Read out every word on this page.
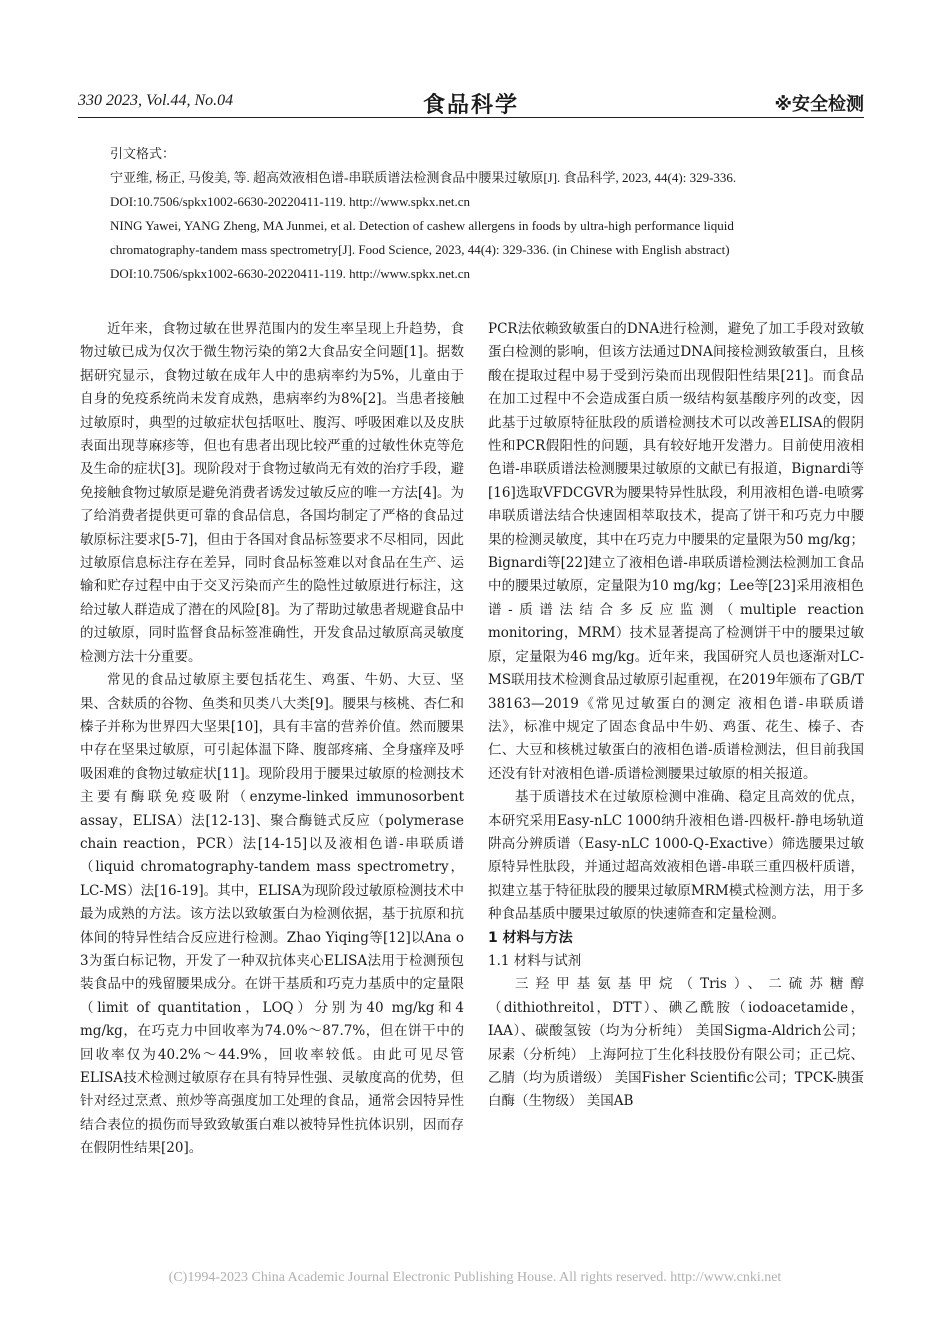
330 2023, Vol.44, No.04	食品科学	※安全检测
引文格式：
宁亚维, 杨正, 马俊美, 等. 超高效液相色谱-串联质谱法检测食品中腰果过敏原[J]. 食品科学, 2023, 44(4): 329-336.
DOI:10.7506/spkx1002-6630-20220411-119. http://www.spkx.net.cn
NING Yawei, YANG Zheng, MA Junmei, et al. Detection of cashew allergens in foods by ultra-high performance liquid
chromatography-tandem mass spectrometry[J]. Food Science, 2023, 44(4): 329-336. (in Chinese with English abstract)
DOI:10.7506/spkx1002-6630-20220411-119. http://www.spkx.net.cn

近年来，食物过敏在世界范围内的发生率呈现上升趋势，食物过敏已成为仅次于微生物污染的第2大食品安全问题[1]。据数据研究显示，食物过敏在成年人中的患病率约为5%，儿童由于自身的免疫系统尚未发育成熟，患病率约为8%[2]。当患者接触过敏原时，典型的过敏症状包括呕吐、腹泻、呼吸困难以及皮肤表面出现荨麻疹等，但也有患者出现比较严重的过敏性休克等危及生命的症状[3]。现阶段对于食物过敏尚无有效的治疗手段，避免接触食物过敏原是避免消费者诱发过敏反应的唯一方法[4]。为了给消费者提供更可靠的食品信息，各国均制定了严格的食品过敏原标注要求[5-7]，但由于各国对食品标签要求不尽相同，因此过敏原信息标注存在差异，同时食品标签难以对食品在生产、运输和贮存过程中由于交叉污染而产生的隐性过敏原进行标注，这给过敏人群造成了潜在的风险[8]。为了帮助过敏患者规避食品中的过敏原，同时监督食品标签准确性，开发食品过敏原高灵敏度检测方法十分重要。

常见的食品过敏原主要包括花生、鸡蛋、牛奶、大豆、坚果、含麸质的谷物、鱼类和贝类八大类[9]。腰果与核桃、杏仁和榛子并称为世界四大坚果[10]，具有丰富的营养价值。然而腰果中存在坚果过敏原，可引起体温下降、腹部疼痛、全身瘙痒及呼吸困难的食物过敏症状[11]。现阶段用于腰果过敏原的检测技术主要有酶联免疫吸附（enzyme-linked immunosorbent assay，ELISA）法[12-13]、聚合酶链式反应（polymerase chain reaction，PCR）法[14-15]以及液相色谱-串联质谱（liquid chromatography-tandem mass spectrometry，LC-MS）法[16-19]。其中，ELISA为现阶段过敏原检测技术中最为成熟的方法。该方法以致敏蛋白为检测依据，基于抗原和抗体间的特异性结合反应进行检测。Zhao Yiqing等[12]以Ana o 3为蛋白标记物，开发了一种双抗体夹心ELISA法用于检测预包装食品中的残留腰果成分。在饼干基质和巧克力基质中的定量限（limit of quantitation，LOQ）分别为40 mg/kg和4 mg/kg，在巧克力中回收率为74.0%～87.7%，但在饼干中的回收率仅为40.2%～44.9%，回收率较低。由此可见尽管ELISA技术检测过敏原存在具有特异性强、灵敏度高的优势，但针对经过烹煮、煎炒等高强度加工处理的食品，通常会因特异性结合表位的损伤而导致致敏蛋白难以被特异性抗体识别，因而存在假阴性结果[20]。

PCR法依赖致敏蛋白的DNA进行检测，避免了加工手段对致敏蛋白检测的影响，但该方法通过DNA间接检测致敏蛋白，且核酸在提取过程中易于受到污染而出现假阳性结果[21]。而食品在加工过程中不会造成蛋白质一级结构氨基酸序列的改变，因此基于过敏原特征肽段的质谱检测技术可以改善ELISA的假阴性和PCR假阳性的问题，具有较好地开发潜力。目前使用液相色谱-串联质谱法检测腰果过敏原的文献已有报道，Bignardi等[16]选取VFDCGVR为腰果特异性肽段，利用液相色谱-电喷雾串联质谱法结合快速固相萃取技术，提高了饼干和巧克力中腰果的检测灵敏度，其中在巧克力中腰果的定量限为50 mg/kg；Bignardi等[22]建立了液相色谱-串联质谱检测法检测加工食品中的腰果过敏原，定量限为10 mg/kg；Lee等[23]采用液相色谱-质谱法结合多反应监测（multiple reaction monitoring，MRM）技术显著提高了检测饼干中的腰果过敏原，定量限为46 mg/kg。近年来，我国研究人员也逐渐对LC-MS联用技术检测食品过敏原引起重视，在2019年颁布了GB/T 38163—2019《常见过敏蛋白的测定 液相色谱-串联质谱法》，标准中规定了固态食品中牛奶、鸡蛋、花生、榛子、杏仁、大豆和核桃过敏蛋白的液相色谱-质谱检测法，但目前我国还没有针对液相色谱-质谱检测腰果过敏原的相关报道。

基于质谱技术在过敏原检测中准确、稳定且高效的优点，本研究采用Easy-nLC 1000纳升液相色谱-四极杆-静电场轨道阱高分辨质谱（Easy-nLC 1000-Q-Exactive）筛选腰果过敏原特异性肽段，并通过超高效液相色谱-串联三重四极杆质谱，拟建立基于特征肽段的腰果过敏原MRM模式检测方法，用于多种食品基质中腰果过敏原的快速筛查和定量检测。

1 材料与方法

1.1 材料与试剂

三羟甲基氨基甲烷（Tris）、二硫苏糖醇（dithiothreitol，DTT）、碘乙酰胺（iodoacetamide，IAA）、碳酸氢铵（均为分析纯） 美国Sigma-Aldrich公司；尿素（分析纯） 上海阿拉丁生化科技股份有限公司；正己烷、乙腈（均为质谱级） 美国Fisher Scientific公司；TPCK-胰蛋白酶（生物级） 美国AB

(C)1994-2023 China Academic Journal Electronic Publishing House. All rights reserved. http://www.cnki.net
